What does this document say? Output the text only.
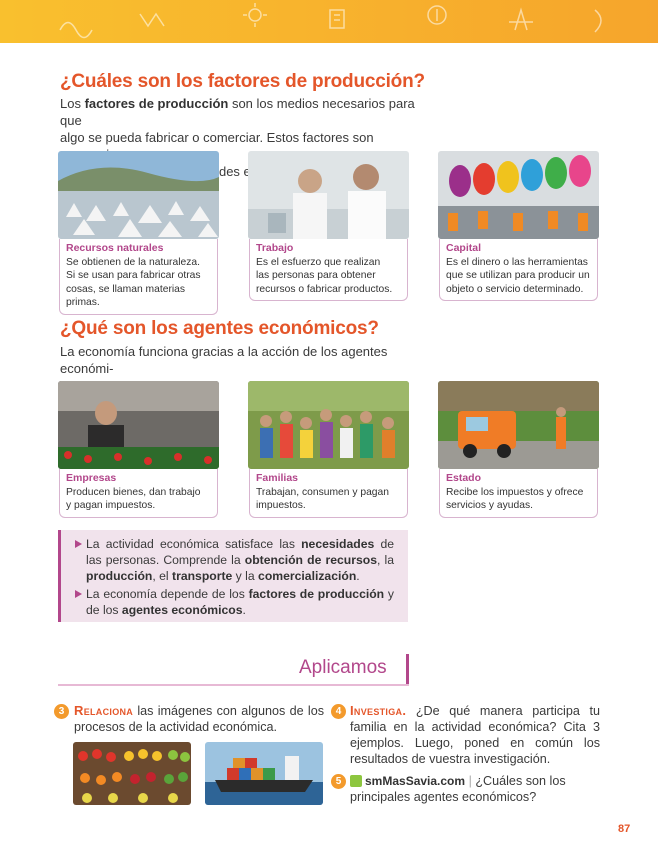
¿Cuáles son los factores de producción?

Los factores de producción son los medios necesarios para que
algo se pueda fabricar o comerciar. Estos factores son

Recursos naturales
Se obtienen de la naturaleza.
Si se usan para fabricar otras
cosas, se llaman materias primas.
Trabajo
Es el esfuerzo que realizan
las personas para obtener
recursos o fabricar productos.
Capital
Es el dinero o las herramientas
que se utilizan para producir un
objeto o servicio determinado.
¿Qué son los agentes económicos?

La economía funciona gracias a la acción de los agentes económi-

Empresas
Producen bienes, dan trabajo
y pagan impuestos.
Familias
Trabajan, consumen y pagan
impuestos.
Estado
Recibe los impuestos y ofrece
servicios y ayudas.

La actividad económica satisface las necesidades de las personas. Comprende la obtención de recursos, la producción, el transporte y la comercialización.

La economía depende de los factores de producción y de los agentes económicos.

Aplicamos
3 Relaciona las imágenes con algunos de los procesos de la actividad económica.

4 Investiga. ¿De qué manera participa tu familia en la actividad económica? Cita 3 ejemplos. Luego, poned en común los resultados de vuestra investigación.

5	smMasSavia.com | ¿Cuáles son los principales agentes económicos?

87
